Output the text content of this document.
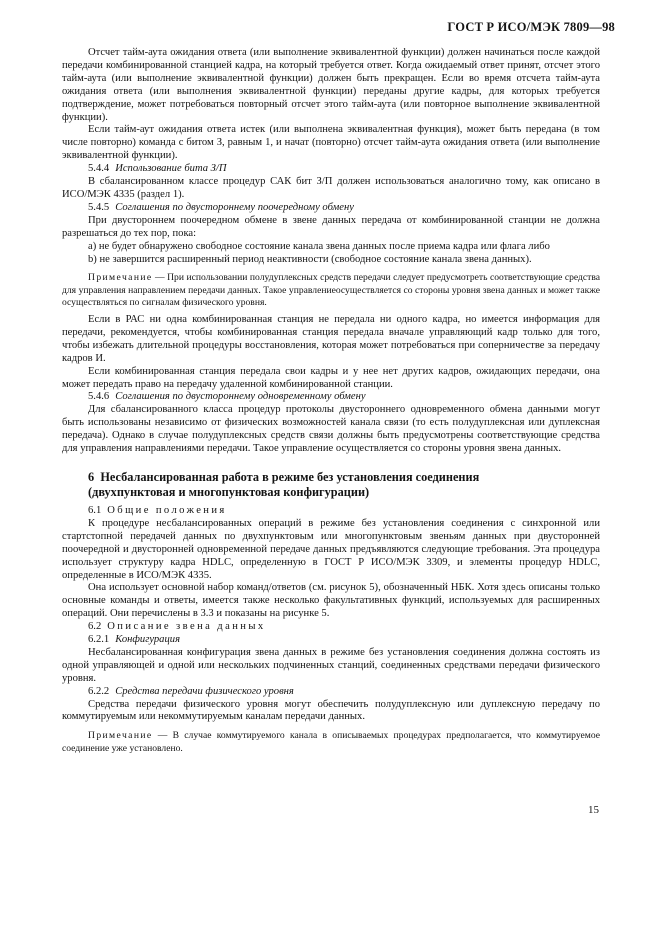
ГОСТ Р ИСО/МЭК 7809—98

Отсчет тайм-аута ожидания ответа (или выполнение эквивалентной функции) должен начинаться после каждой передачи комбинированной станцией кадра, на который требуется ответ. Когда ожидаемый ответ принят, отсчет этого тайм-аута (или выполнение эквивалентной функции) должен быть прекращен. Если во время отсчета тайм-аута ожидания ответа (или выполнения эквивалентной функции) переданы другие кадры, для которых требуется подтверждение, может потребоваться повторный отсчет этого тайм-аута (или повторное выполнение эквивалентной функции).

Если тайм-аут ожидания ответа истек (или выполнена эквивалентная функция), может быть передана (в том числе повторно) команда с битом З, равным 1, и начат (повторно) отсчет тайм-аута ожидания ответа (или выполнение эквивалентной функции).

5.4.4 Использование бита З/П

В сбалансированном классе процедур САК бит З/П должен использоваться аналогично тому, как описано в ИСО/МЭК 4335 (раздел 1).

5.4.5 Соглашения по двустороннему поочередному обмену

При двустороннем поочередном обмене в звене данных передача от комбинированной станции не должна разрешаться до тех пор, пока:

а) не будет обнаружено свободное состояние канала звена данных после приема кадра или флага либо

b) не завершится расширенный период неактивности (свободное состояние канала звена данных).

Примечание — При использовании полудуплексных средств передачи следует предусмотреть соответствующие средства для управления направлением передачи данных. Такое управлениеосуществляется со стороны уровня звена данных и может также осуществляться по сигналам физического уровня.

Если в РАС ни одна комбинированная станция не передала ни одного кадра, но имеется информация для передачи, рекомендуется, чтобы комбинированная станция передала вначале управляющий кадр только для того, чтобы избежать длительной процедуры восстановления, которая может потребоваться при соперничестве за передачу кадров И.

Если комбинированная станция передала свои кадры и у нее нет других кадров, ожидающих передачи, она может передать право на передачу удаленной комбинированной станции.

5.4.6 Соглашения по двустороннему одновременному обмену

Для сбалансированного класса процедур протоколы двустороннего одновременного обмена данными могут быть использованы независимо от физических возможностей канала связи (то есть полудуплексная или дуплексная передача). Однако в случае полудуплексных средств связи должны быть предусмотрены соответствующие средства для управления направлениями передачи. Такое управление осуществляется со стороны уровня звена данных.

6 Несбалансированная работа в режиме без установления соединения
(двухпунктовая и многопунктовая конфигурации)

6.1 Общие положения

К процедуре несбалансированных операций в режиме без установления соединения с синхронной или стартстопной передачей данных по двухпунктовым или многопунктовым звеньям данных при двусторонней поочередной и двусторонней одновременной передаче данных предъявляются следующие требования. Эта процедура использует структуру кадра HDLC, определенную в ГОСТ Р ИСО/МЭК 3309, и элементы процедур HDLC, определенные в ИСО/МЭК 4335.

Она использует основной набор команд/ответов (см. рисунок 5), обозначенный НБК. Хотя здесь описаны только основные команды и ответы, имеется также несколько факультативных функций, используемых для расширенных операций. Они перечислены в 3.3 и показаны на рисунке 5.

6.2 Описание звена данных

6.2.1 Конфигурация

Несбалансированная конфигурация звена данных в режиме без установления соединения должна состоять из одной управляющей и одной или нескольких подчиненных станций, соединенных средствами передачи физического уровня.

6.2.2 Средства передачи физического уровня

Средства передачи физического уровня могут обеспечить полудуплексную или дуплексную передачу по коммутируемым или некоммутируемым каналам передачи данных.

Примечание — В случае коммутируемого канала в описываемых процедурах предполагается, что коммутируемое соединение уже установлено.

15
